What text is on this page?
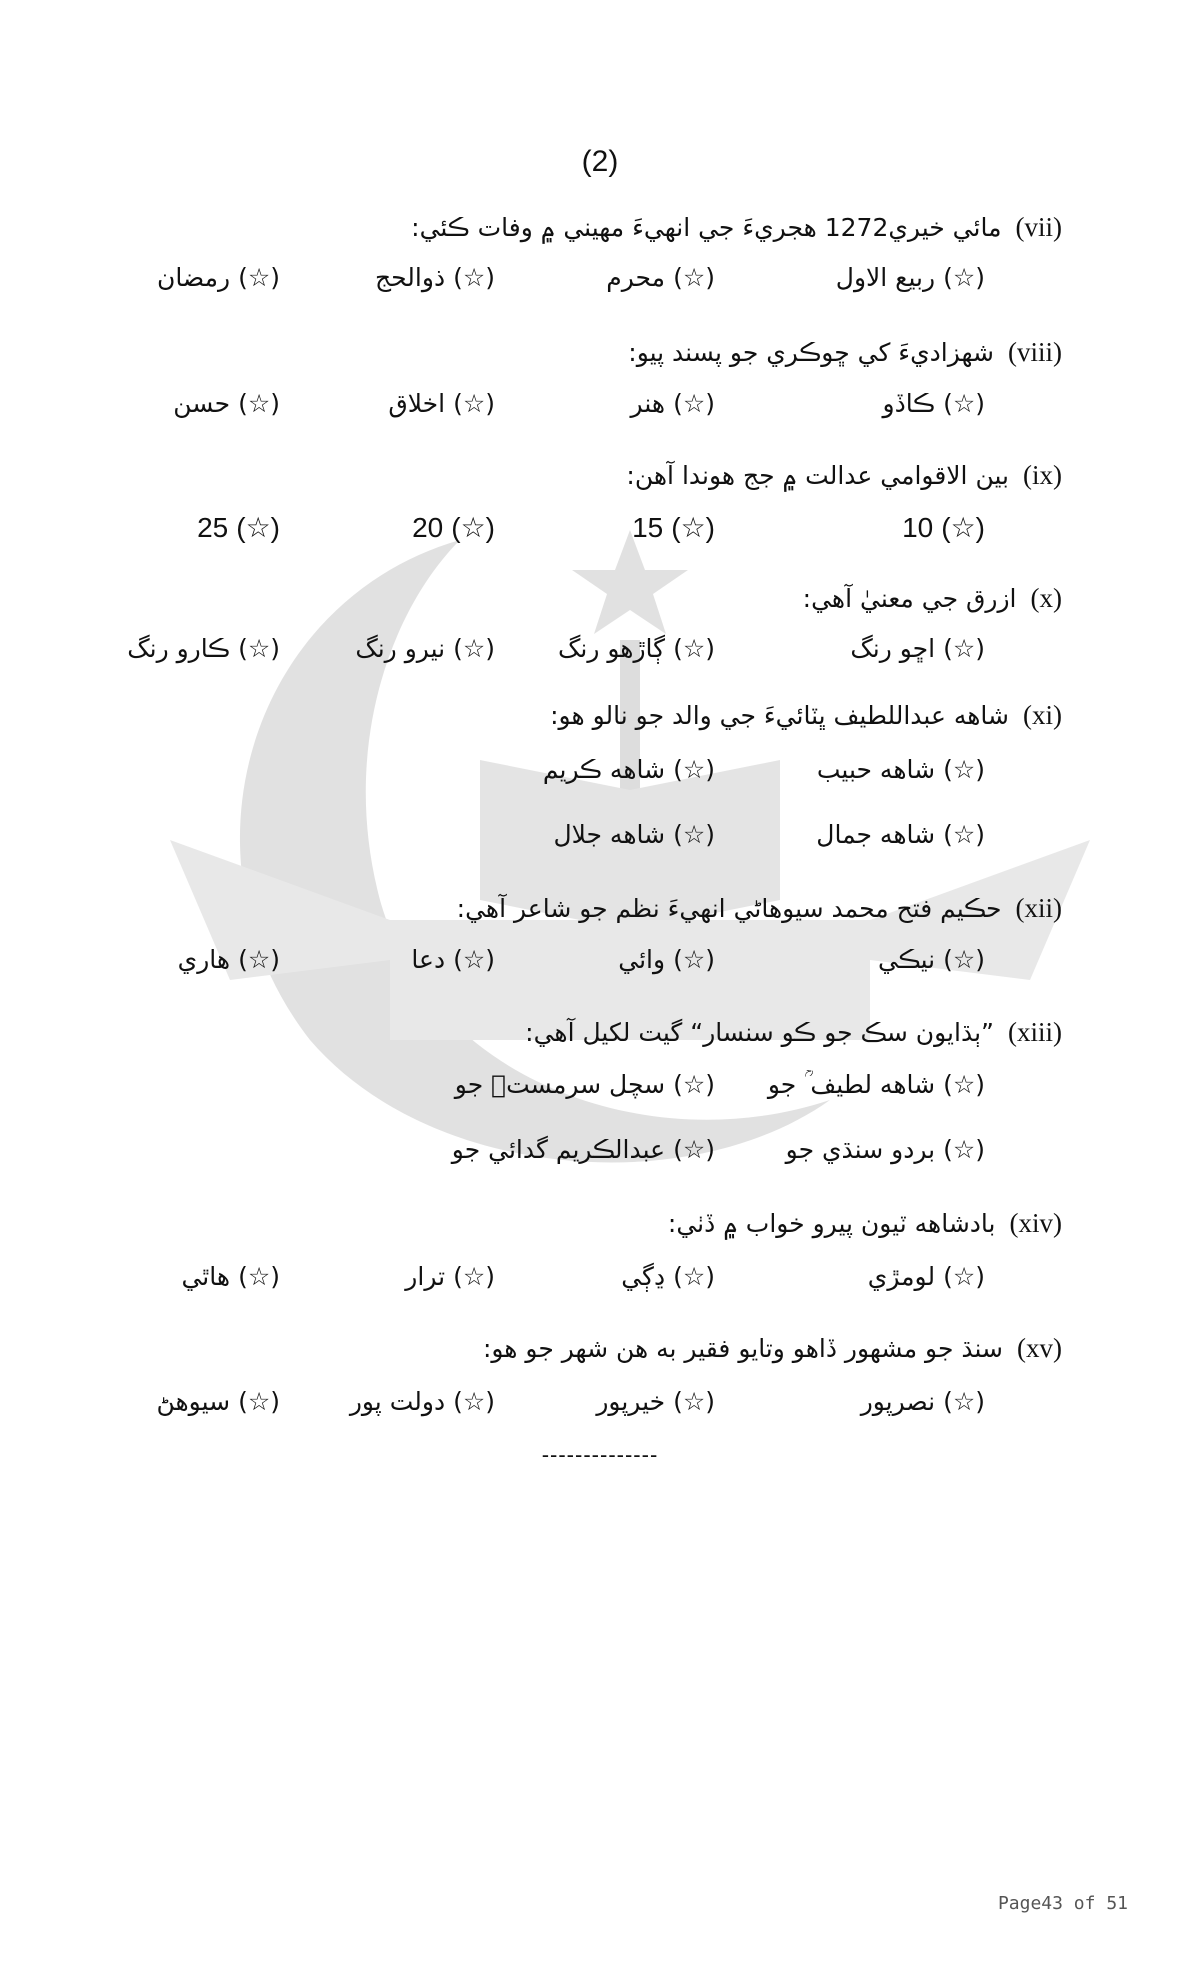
(2)
(vii)مائي خيري1272 هجريءَ جي انهيءَ مهيني ۾ وفات ڪئي:
(☆)ربيع الاول
(☆)محرم
(☆)ذوالحج
(☆)رمضان
(viii)شهزاديءَ کي ڇوڪري جو پسند پيو:
(☆)ڪاڏو
(☆)هنر
(☆)اخلاق
(☆)حسن
(ix)بين الاقوامي عدالت ۾ جج هوندا آهن:
(☆)10
(☆)15
(☆)20
(☆)25
(x)ازرق جي معنيٰ آهي:
(☆)اڇو رنگ
(☆)ڳاڙهو رنگ
(☆)نيرو رنگ
(☆)ڪارو رنگ
(xi)شاهه عبداللطيف ڀٽائيءَ جي والد جو نالو هو:
(☆)شاهه حبيب
(☆)شاهه ڪريم
(☆)شاهه جمال
(☆)شاهه جلال
(xii)حڪيم فتح محمد سيوهاڻي انهيءَ نظم جو شاعر آهي:
(☆)نيڪي
(☆)وائي
(☆)دعا
(☆)هاري
(xiii)”ٻڌايون سڪ جو ڪو سنسار“ گيت لکيل آهي:
(☆)شاهه لطيف ؒ جو
(☆)سچل سرمستؒ جو
(☆)بردو سنڌي جو
(☆)عبدالڪريم گدائي جو
(xiv)بادشاهه ٽيون پيرو خواب ۾ ڏٺي:
(☆)لومڙي
(☆)ڍڳي
(☆)ترار
(☆)هاٿي
(xv)سنڌ جو مشهور ڏاهو وتايو فقير به هن شهر جو هو:
(☆)نصرپور
(☆)خيرپور
(☆)دولت پور
(☆)سيوهڻ
--------------
Page43 of 51
